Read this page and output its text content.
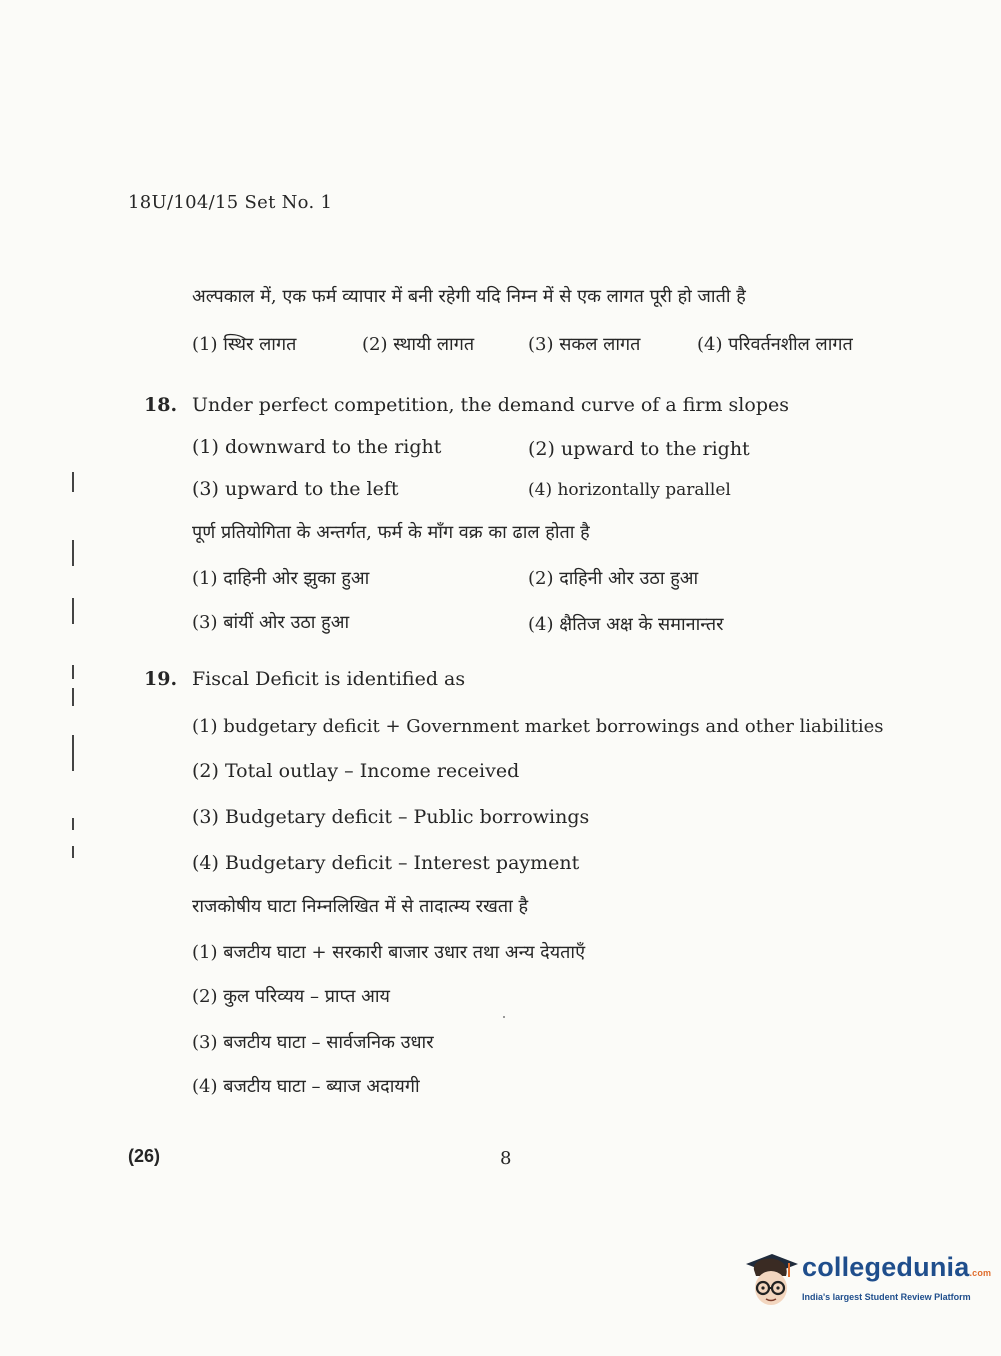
18U/104/15 Set No. 1
अल्पकाल में, एक फर्म व्यापार में बनी रहेगी यदि निम्न में से एक लागत पूरी हो जाती है
(1) स्थिर लागत	(2) स्थायी लागत	(3) सकल लागत	(4) परिवर्तनशील लागत
18. Under perfect competition, the demand curve of a firm slopes
(1) downward to the right	(2) upward to the right
(3) upward to the left	(4) horizontally parallel
पूर्ण प्रतियोगिता के अन्तर्गत, फर्म के माँग वक्र का ढाल होता है
(1) दाहिनी ओर झुका हुआ	(2) दाहिनी ओर उठा हुआ
(3) बांयीं ओर उठा हुआ	(4) क्षैतिज अक्ष के समानान्तर
19. Fiscal Deficit is identified as
(1) budgetary deficit + Government market borrowings and other liabilities
(2) Total outlay – Income received
(3) Budgetary deficit – Public borrowings
(4) Budgetary deficit – Interest payment
राजकोषीय घाटा निम्नलिखित में से तादात्म्य रखता है
(1) बजटीय घाटा + सरकारी बाजार उधार तथा अन्य देयताएँ
(2) कुल परिव्यय – प्राप्त आय
(3) बजटीय घाटा – सार्वजनिक उधार
(4) बजटीय घाटा – ब्याज अदायगी
(26)	8
collegedunia.com
India's largest Student Review Platform
